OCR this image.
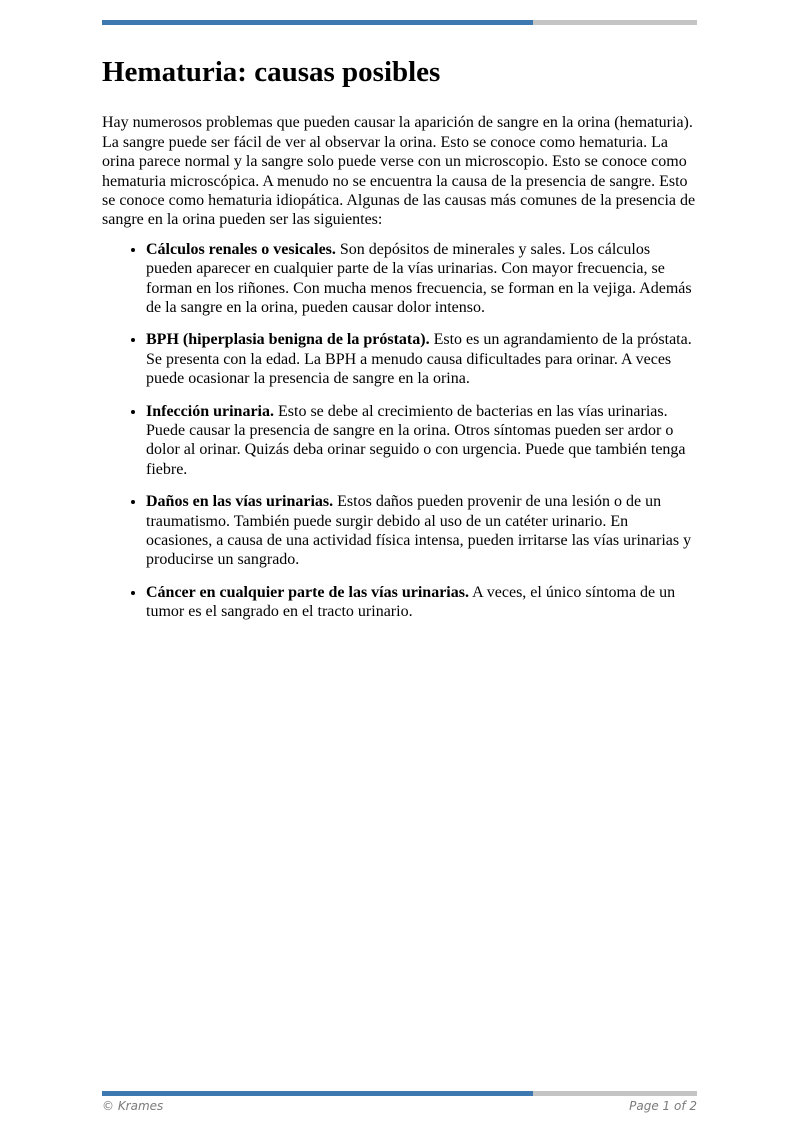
Hematuria: causas posibles

Hay numerosos problemas que pueden causar la aparición de sangre en la orina (hematuria). La sangre puede ser fácil de ver al observar la orina. Esto se conoce como hematuria. La orina parece normal y la sangre solo puede verse con un microscopio. Esto se conoce como hematuria microscópica. A menudo no se encuentra la causa de la presencia de sangre. Esto se conoce como hematuria idiopática. Algunas de las causas más comunes de la presencia de sangre en la orina pueden ser las siguientes:

• Cálculos renales o vesicales. Son depósitos de minerales y sales. Los cálculos pueden aparecer en cualquier parte de la vías urinarias. Con mayor frecuencia, se forman en los riñones. Con mucha menos frecuencia, se forman en la vejiga. Además de la sangre en la orina, pueden causar dolor intenso.
• BPH (hiperplasia benigna de la próstata). Esto es un agrandamiento de la próstata. Se presenta con la edad. La BPH a menudo causa dificultades para orinar. A veces puede ocasionar la presencia de sangre en la orina.
• Infección urinaria. Esto se debe al crecimiento de bacterias en las vías urinarias. Puede causar la presencia de sangre en la orina. Otros síntomas pueden ser ardor o dolor al orinar. Quizás deba orinar seguido o con urgencia. Puede que también tenga fiebre.
• Daños en las vías urinarias. Estos daños pueden provenir de una lesión o de un traumatismo. También puede surgir debido al uso de un catéter urinario. En ocasiones, a causa de una actividad física intensa, pueden irritarse las vías urinarias y producirse un sangrado.
• Cáncer en cualquier parte de las vías urinarias. A veces, el único síntoma de un tumor es el sangrado en el tracto urinario.
© Krames	Page 1 of 2
